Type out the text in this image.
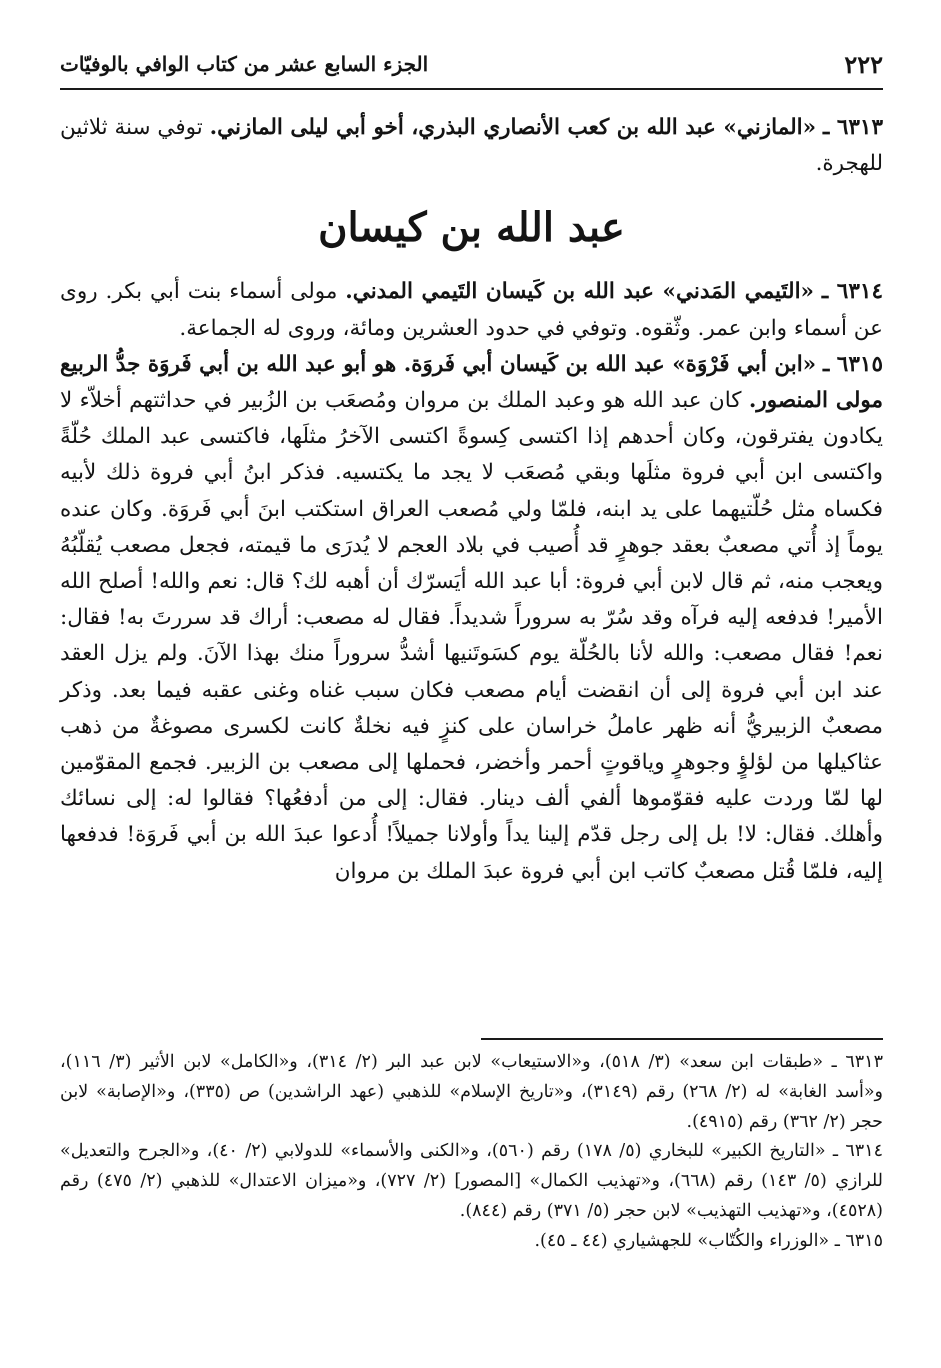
٢٢٢
الجزء السابع عشر من كتاب الوافي بالوفيّات

٦٣١٣ ـ «المازني» عبد الله بن كعب الأنصاري البذري، أخو أبي ليلى المازني. توفي سنة ثلاثين للهجرة.

عبد الله بن كيسان

٦٣١٤ ـ «التَيمي المَدني» عبد الله بن كَيسان التَيمي المدني. مولى أسماء بنت أبي بكر. روى عن أسماء وابن عمر. وثّقوه. وتوفي في حدود العشرين ومائة، وروى له الجماعة.

٦٣١٥ ـ «ابن أبي فَرْوَة» عبد الله بن كَيسان أبي فَروَة. هو أبو عبد الله بن أبي فَروَة جدُّ الربيع مولى المنصور. كان عبد الله هو وعبد الملك بن مروان ومُصعَب بن الزُبير في حداثتهم أخلاّء لا يكادون يفترقون، وكان أحدهم إذا اكتسى كِسوةً اكتسى الآخرُ مثلَها، فاكتسى عبد الملك حُلّةً واكتسى ابن أبي فروة مثلَها وبقي مُصعَب لا يجد ما يكتسيه. فذكر ابنُ أبي فروة ذلك لأبيه فكساه مثل حُلّتيهما على يد ابنه، فلمّا ولي مُصعب العراق استكتب ابنَ أبي فَروَة. وكان عنده يوماً إذ أُتي مصعبٌ بعقد جوهرٍ قد أُصيب في بلاد العجم لا يُدرَى ما قيمته، فجعل مصعب يُقلّبُهُ ويعجب منه، ثم قال لابن أبي فروة: أبا عبد الله أيَسرّك أن أهبه لك؟ قال: نعم والله! أصلح الله الأمير! فدفعه إليه فرآه وقد سُرّ به سروراً شديداً. فقال له مصعب: أراك قد سررتَ به! فقال: نعم! فقال مصعب: والله لأنا بالحُلّة يوم كسَوتَنيها أشدُّ سروراً منك بهذا الآنَ. ولم يزل العقد عند ابن أبي فروة إلى أن انقضت أيام مصعب فكان سبب غناه وغنى عقبه فيما بعد. وذكر مصعبٌ الزبيريُّ أنه ظهر عاملُ خراسان على كنزٍ فيه نخلةٌ كانت لكسرى مصوغةٌ من ذهب عثاكيلها من لؤلؤٍ وجوهرٍ وياقوتٍ أحمر وأخضر، فحملها إلى مصعب بن الزبير. فجمع المقوّمين لها لمّا وردت عليه فقوّموها ألفي ألف دينار. فقال: إلى من أدفعُها؟ فقالوا له: إلى نسائك وأهلك. فقال: لا! بل إلى رجل قدّم إلينا يداً وأولانا جميلاً! أُدعوا عبدَ الله بن أبي فَروَة! فدفعها إليه، فلمّا قُتل مصعبٌ كاتب ابن أبي فروة عبدَ الملك بن مروان

٦٣١٣ ـ «طبقات ابن سعد» (٣/ ٥١٨)، و«الاستيعاب» لابن عبد البر (٢/ ٣١٤)، و«الكامل» لابن الأثير (٣/ ١١٦)، و«أسد الغابة» له (٢/ ٢٦٨) رقم (٣١٤٩)، و«تاريخ الإسلام» للذهبي (عهد الراشدين) ص (٣٣٥)، و«الإصابة» لابن حجر (٢/ ٣٦٢) رقم (٤٩١٥).

٦٣١٤ ـ «التاريخ الكبير» للبخاري (٥/ ١٧٨) رقم (٥٦٠)، و«الكنى والأسماء» للدولابي (٢/ ٤٠)، و«الجرح والتعديل» للرازي (٥/ ١٤٣) رقم (٦٦٨)، و«تهذيب الكمال» [المصور] (٢/ ٧٢٧)، و«ميزان الاعتدال» للذهبي (٢/ ٤٧٥) رقم (٤٥٢٨)، و«تهذيب التهذيب» لابن حجر (٥/ ٣٧١) رقم (٨٤٤).

٦٣١٥ ـ «الوزراء والكُتّاب» للجهشياري (٤٤ ـ ٤٥).
